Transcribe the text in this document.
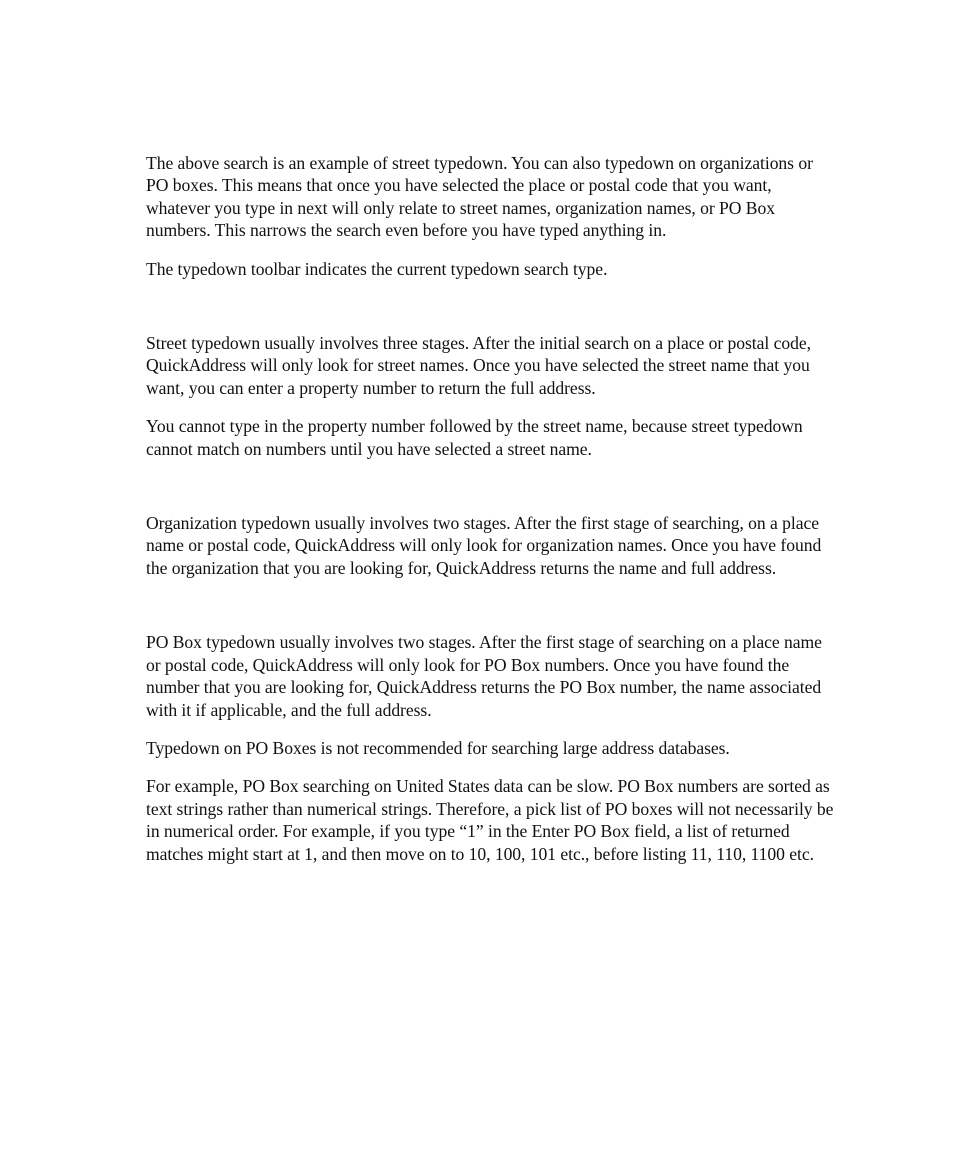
The above search is an example of street typedown. You can also typedown on organizations or PO boxes. This means that once you have selected the place or postal code that you want, whatever you type in next will only relate to street names, organization names, or PO Box numbers. This narrows the search even before you have typed anything in.

The typedown toolbar indicates the current typedown search type.

Street typedown usually involves three stages. After the initial search on a place or postal code, QuickAddress will only look for street names. Once you have selected the street name that you want, you can enter a property number to return the full address.

You cannot type in the property number followed by the street name, because street typedown cannot match on numbers until you have selected a street name.

Organization typedown usually involves two stages. After the first stage of searching, on a place name or postal code, QuickAddress will only look for organization names. Once you have found the organization that you are looking for, QuickAddress returns the name and full address.

PO Box typedown usually involves two stages. After the first stage of searching on a place name or postal code, QuickAddress will only look for PO Box numbers. Once you have found the number that you are looking for, QuickAddress returns the PO Box number, the name associated with it if applicable, and the full address.

Typedown on PO Boxes is not recommended for searching large address databases.

For example, PO Box searching on United States data can be slow. PO Box numbers are sorted as text strings rather than numerical strings. Therefore, a pick list of PO boxes will not necessarily be in numerical order. For example, if you type “1” in the Enter PO Box field, a list of returned matches might start at 1, and then move on to 10, 100, 101 etc., before listing 11, 110, 1100 etc.
